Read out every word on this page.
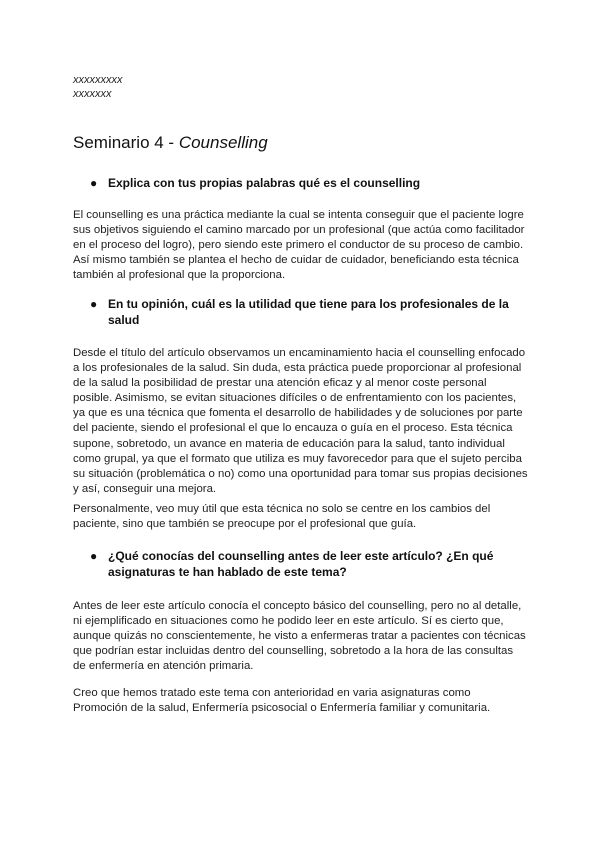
xxxxxxxxx
xxxxxxx
Seminario 4 - Counselling
● Explica con tus propias palabras qué es el counselling
El counselling es una práctica mediante la cual se intenta conseguir que el paciente logre sus objetivos siguiendo el camino marcado por un profesional (que actúa como facilitador en el proceso del logro), pero siendo este primero el conductor de su proceso de cambio. Así mismo también se plantea el hecho de cuidar de cuidador, beneficiando esta técnica también al profesional que la proporciona.
● En tu opinión, cuál es la utilidad que tiene para los profesionales de la salud
Desde el título del artículo observamos un encaminamiento hacia el counselling enfocado a los profesionales de la salud. Sin duda, esta práctica puede proporcionar al profesional de la salud la posibilidad de prestar una atención eficaz y al menor coste personal posible. Asimismo, se evitan situaciones difíciles o de enfrentamiento con los pacientes, ya que es una técnica que fomenta el desarrollo de habilidades y de soluciones por parte del paciente, siendo el profesional el que lo encauza o guía en el proceso. Esta técnica supone, sobretodo, un avance en materia de educación para la salud, tanto individual como grupal, ya que el formato que utiliza es muy favorecedor para que el sujeto perciba su situación (problemática o no) como una oportunidad para tomar sus propias decisiones y así, conseguir una mejora.
Personalmente, veo muy útil que esta técnica no solo se centre en los cambios del paciente, sino que también se preocupe por el profesional que guía.
● ¿Qué conocías del counselling antes de leer este artículo? ¿En qué asignaturas te han hablado de este tema?
Antes de leer este artículo conocía el concepto básico del counselling, pero no al detalle, ni ejemplificado en situaciones como he podido leer en este artículo. Sí es cierto que, aunque quizás no conscientemente, he visto a enfermeras tratar a pacientes con técnicas que podrían estar incluidas dentro del counselling, sobretodo a la hora de las consultas de enfermería en atención primaria.
Creo que hemos tratado este tema con anterioridad en varia asignaturas como Promoción de la salud, Enfermería psicosocial o Enfermería familiar y comunitaria.
